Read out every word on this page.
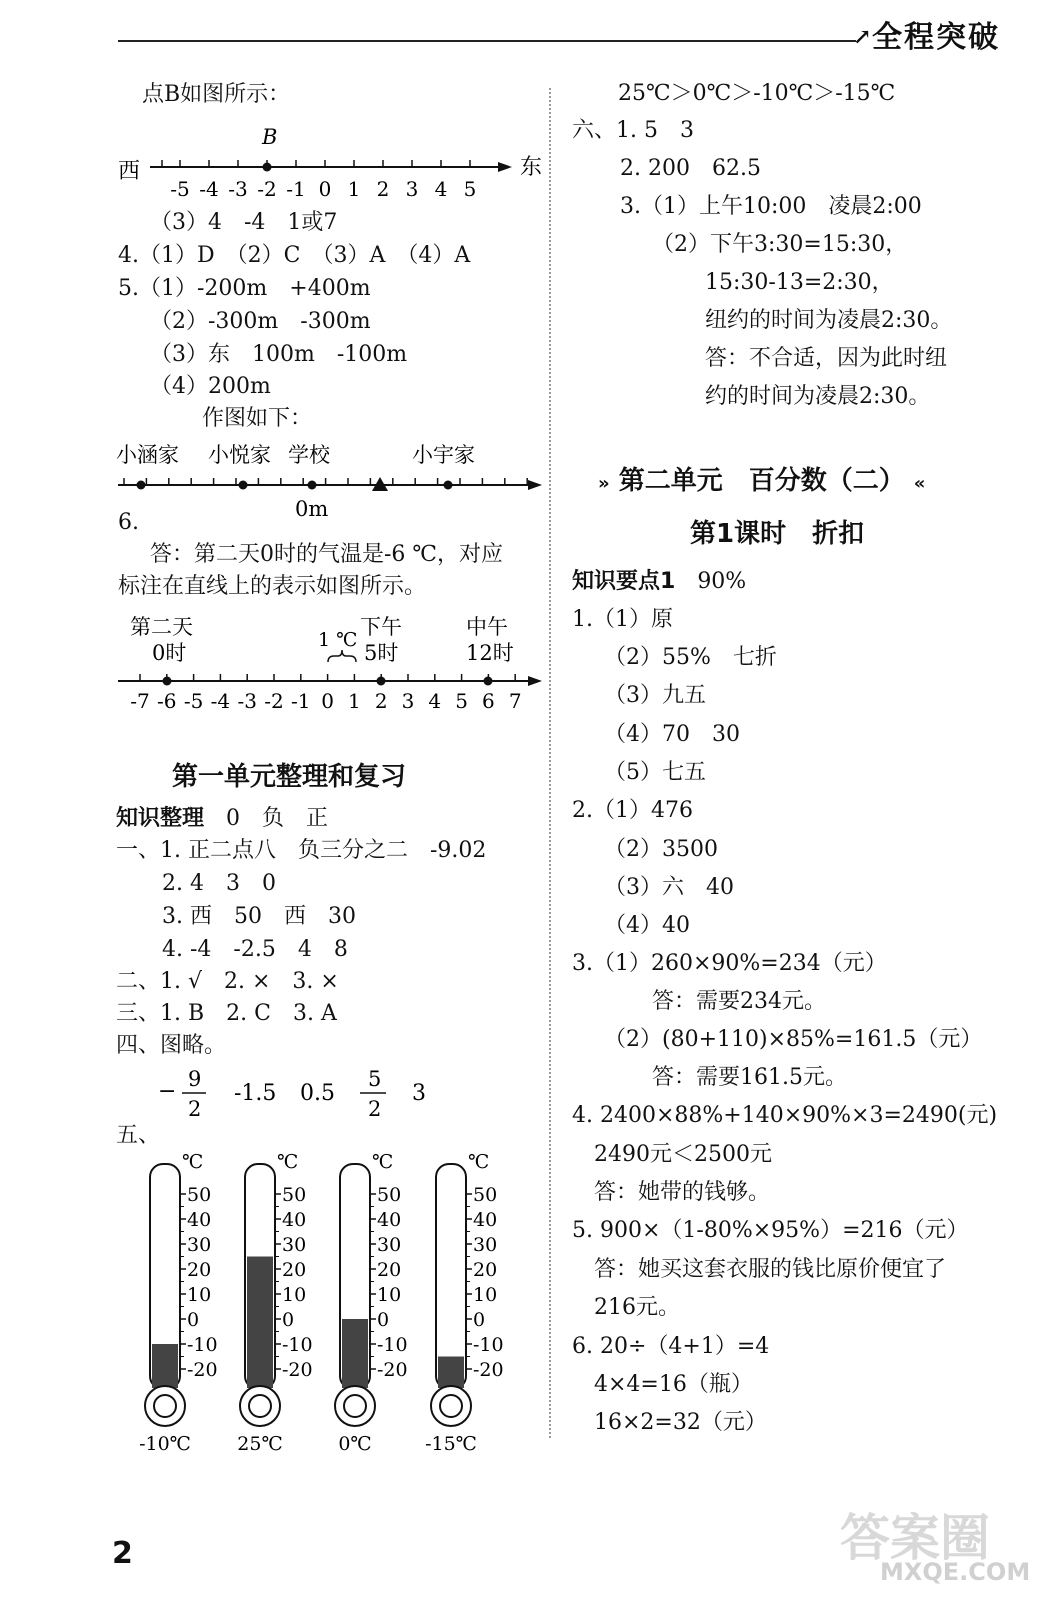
↗ 全程突破
点B如图所示：
B
西	东
-5 -4 -3 -2 -1 0 1 2 3 4 5
（3）4　-4　1或7
4.（1）D　（2）C　（3）A　（4）A
5.（1）-200m　+400m
（2）-300m　-300m
（3）东　100m　-100m
（4）200m
作图如下：
小涵家 小悦家 学校	小宇家
0m
6.
答：第二天0时的气温是-6 ℃，对应
标注在直线上的表示如图所示。
第二天
0时
1 ℃
下午
5时
中午
12时
-7 -6 -5 -4 -3 -2 -1 0 1 2 3 4 5 6 7
第一单元整理和复习
知识整理　0　负　正
一、1. 正二点八　负三分之二　-9.02
2. 4　3　0
3. 西　50　西　30
4. -4　-2.5　4　8
二、1. √　2. ×　3. ×
三、1. B　2. C　3. A
四、图略。
− 9
2
-1.5 0.5
5
2
3
五、
℃
50
40
30
20
10
0
-10
-20
-10℃
℃
50
40
30
20
10
0
-10
-20
25℃
℃
50
40
30
20
10
0
-10
-20
0℃
℃
50
40
30
20
10
0
-10
-20
-15℃
2
25℃＞0℃＞-10℃＞-15℃
六、1. 5　3
2. 200　62.5
3.（1）上午10:00　凌晨2:00
（2）下午3:30=15:30，
15:30-13=2:30，
纽约的时间为凌晨2:30。
答：不合适，因为此时纽
约的时间为凌晨2:30。
» 第二单元　百分数（二） «
第1课时　折扣
知识要点1　90%
1.（1）原
（2）55%　七折
（3）九五
（4）70　30
（5）七五
2.（1）476
（2）3500
（3）六　40
（4）40
3.（1）260×90%=234（元）
答：需要234元。
（2）(80+110)×85%=161.5（元）
答：需要161.5元。
4. 2400×88%+140×90%×3=2490(元)
2490元＜2500元
答：她带的钱够。
5. 900×（1-80%×95%）=216（元）
答：她买这套衣服的钱比原价便宜了
216元。
6. 20÷（4+1）=4
4×4=16（瓶）
16×2=32（元）
答案圈
MXQE.COM
